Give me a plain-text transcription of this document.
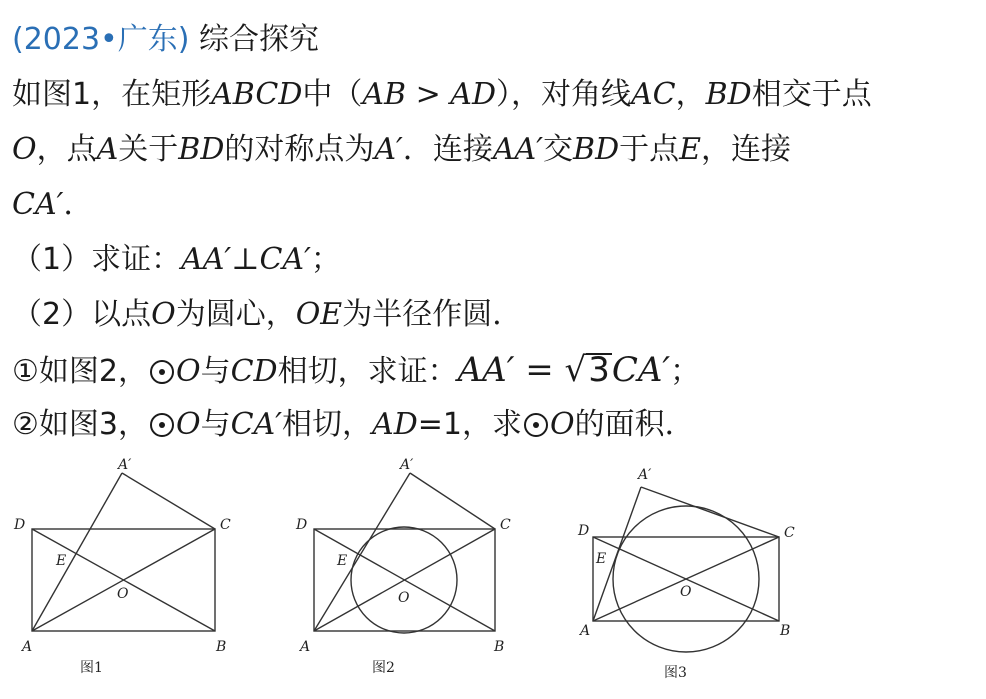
(2023•广东) 综合探究
如图1，在矩形ABCD中（AB > AD），对角线AC，BD相交于点
O，点A关于BD的对称点为A′．连接AA′交BD于点E，连接
CA′．
（1）求证：AA′⊥CA′；
（2）以点O为圆心，OE为半径作圆．
①如图2， O与CD相切，求证：AA′ = √3CA′；
②如图3， O与CA′相切，AD=1，求 O的面积．
A	B
C
D
E
O
A′
图1
A	B
C
D
E
O
A′
图2
A	B
C
D
E
O
A′
图3
